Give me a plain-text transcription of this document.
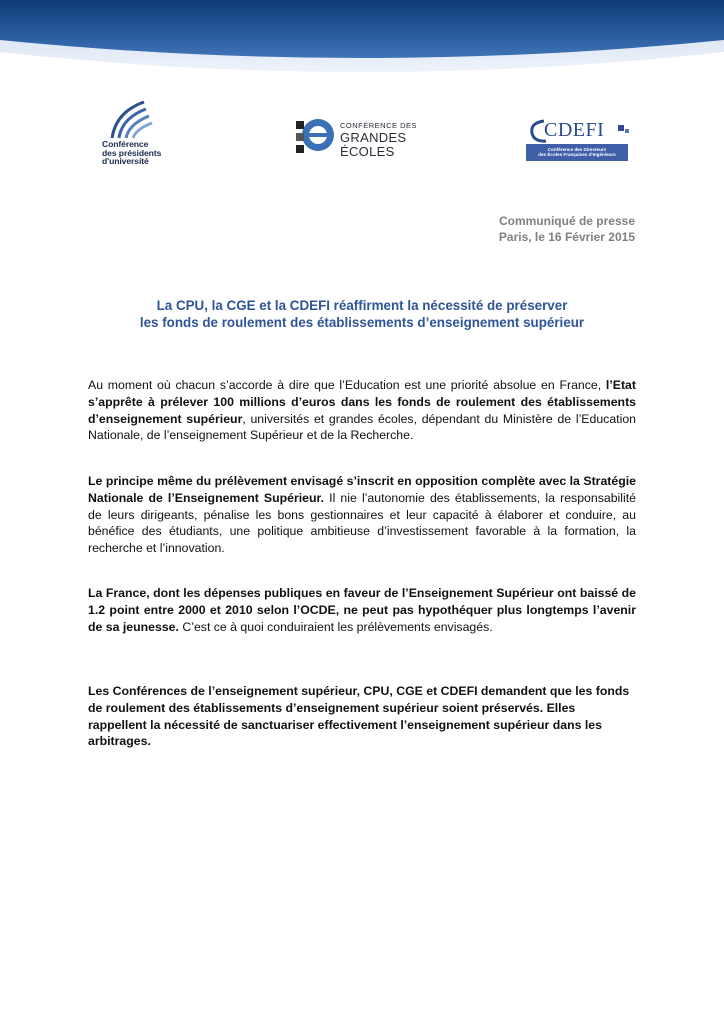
Conférence
des présidents
d'université
CONFÉRENCE DES
GRANDES
ÉCOLES
CDEFI
Conférence des Directeurs
des Écoles Françaises d'Ingénieurs
Communiqué de presse
Paris, le 16 Février 2015
La CPU, la CGE et la CDEFI réaffirment la nécessité de préserver
les fonds de roulement des établissements d’enseignement supérieur
Au moment où chacun s’accorde à dire que l’Education est une priorité absolue en France, l’Etat s’apprête à prélever 100 millions d’euros dans les fonds de roulement des établissements d’enseignement supérieur, universités et grandes écoles, dépendant du Ministère de l’Education Nationale, de l’enseignement Supérieur et de la Recherche.
Le principe même du prélèvement envisagé s’inscrit en opposition complète avec la Stratégie Nationale de l’Enseignement Supérieur. Il nie l’autonomie des établissements, la responsabilité de leurs dirigeants, pénalise les bons gestionnaires et leur capacité à élaborer et conduire, au bénéfice des étudiants, une politique ambitieuse d’investissement favorable à la formation, la recherche et l’innovation.
La France, dont les dépenses publiques en faveur de l’Enseignement Supérieur ont baissé de 1.2 point entre 2000 et 2010 selon l’OCDE, ne peut pas hypothéquer plus longtemps l’avenir de sa jeunesse. C’est ce à quoi conduiraient les prélèvements envisagés.
Les Conférences de l’enseignement supérieur, CPU, CGE et CDEFI demandent que les fonds de roulement des établissements d’enseignement supérieur soient préservés. Elles rappellent la nécessité de sanctuariser effectivement l’enseignement supérieur dans les arbitrages.
